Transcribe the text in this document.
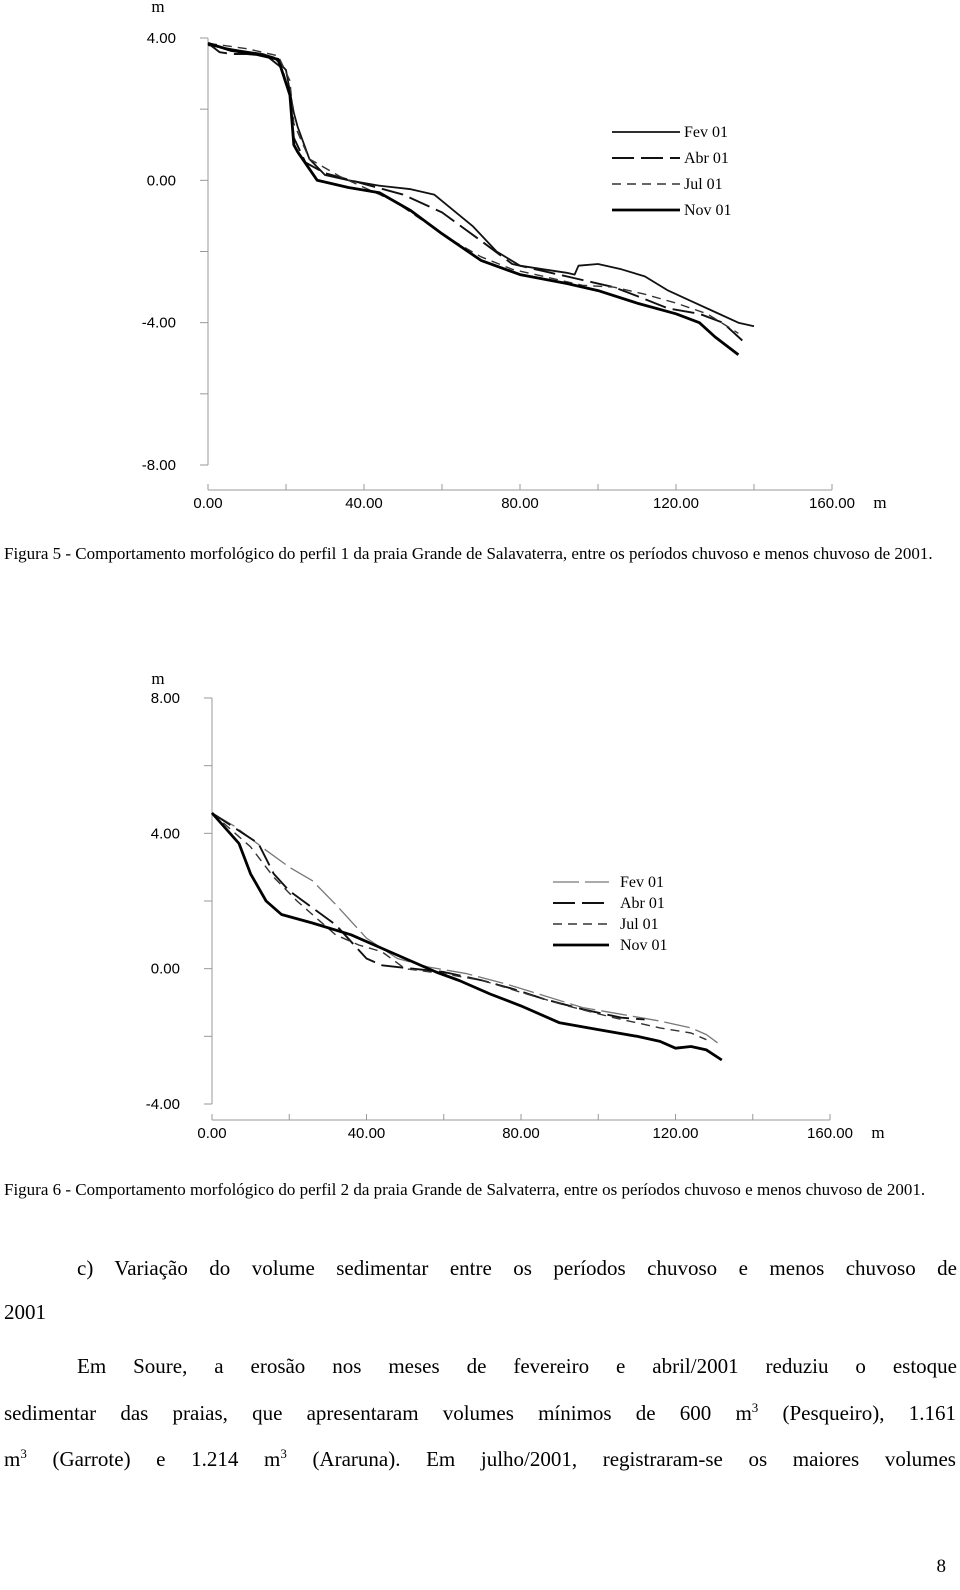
4.00
0.00
-4.00
-8.00
m
0.00	40.00	80.00	120.00	160.00 m
Fev 01
Abr 01
Jul 01
Nov 01
Figura 5 - Comportamento morfológico do perfil 1 da praia Grande de Salavaterra, entre os períodos chuvoso e menos chuvoso de 2001.
8.00
4.00
0.00
-4.00
m
0.00	40.00	80.00	120.00	160.00 m
Fev 01
Abr 01
Jul 01
Nov 01
Figura 6 - Comportamento morfológico do perfil 2 da praia Grande de Salvaterra, entre os períodos chuvoso e menos chuvoso de 2001.
c) Variação do volume sedimentar entre os períodos chuvoso e menos chuvoso de
2001
Em Soure, a erosão nos meses de fevereiro e abril/2001 reduziu o estoque
sedimentar das praias, que apresentaram volumes mínimos de 600 $m^3$ (Pesqueiro), 1.161
$m^3$ (Garrote) e 1.214 $m^3$ (Araruna). Em julho/2001, registraram-se os maiores volumes
8
